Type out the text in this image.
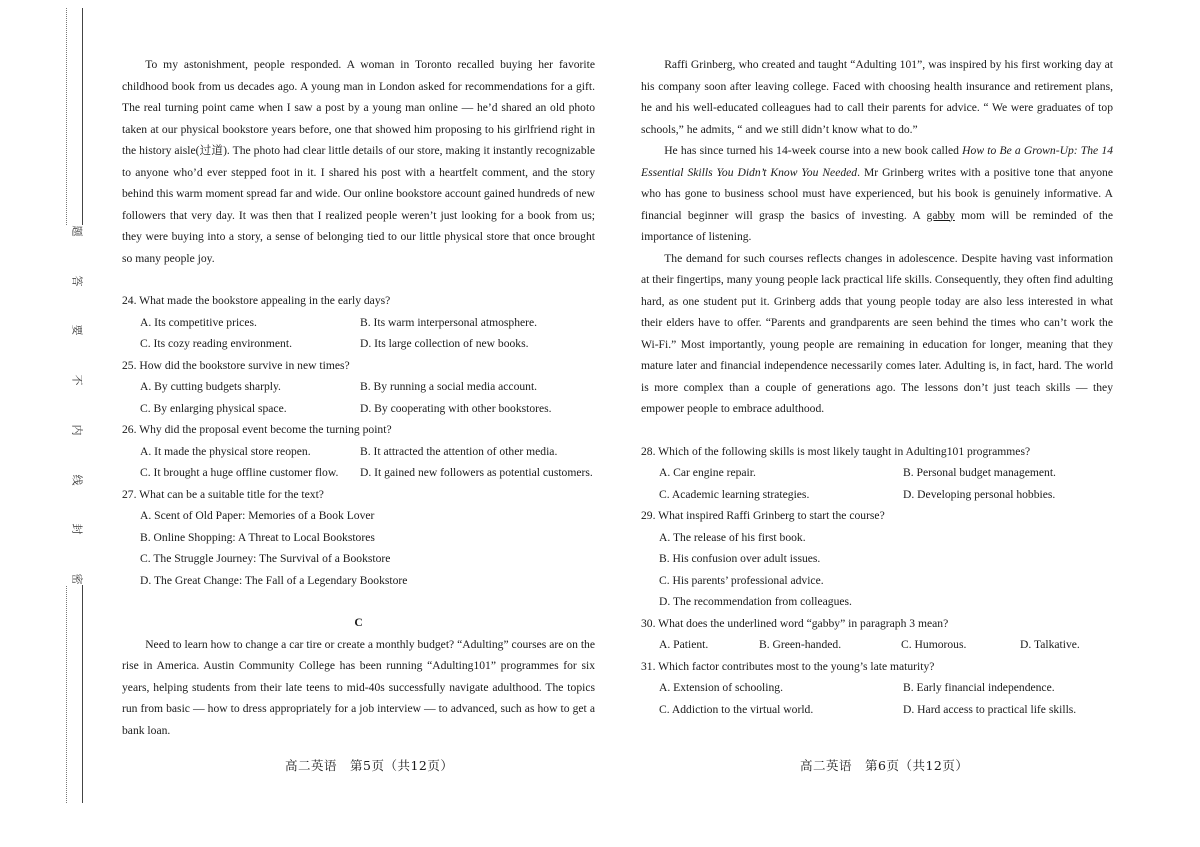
题
答
要
不
内
线
封
密

To my astonishment, people responded. A woman in Toronto recalled buying her favorite childhood book from us decades ago. A young man in London asked for recommendations for a gift. The real turning point came when I saw a post by a young man online — he’d shared an old photo taken at our physical bookstore years before, one that showed him proposing to his girlfriend right in the history aisle(过道). The photo had clear little details of our store, making it instantly recognizable to anyone who’d ever stepped foot in it. I shared his post with a heartfelt comment, and the story behind this warm moment spread far and wide. Our online bookstore account gained hundreds of new followers that very day. It was then that I realized people weren’t just looking for a book from us; they were buying into a story, a sense of belonging tied to our little physical store that once brought so many people joy.

24. What made the bookstore appealing in the early days?

A. Its competitive prices.	B. Its warm interpersonal atmosphere.
C. Its cozy reading environment.	D. Its large collection of new books.

25. How did the bookstore survive in new times?

A. By cutting budgets sharply.	B. By running a social media account.
C. By enlarging physical space.	D. By cooperating with other bookstores.

26. Why did the proposal event become the turning point?

A. It made the physical store reopen.	B. It attracted the attention of other media.
C. It brought a huge offline customer flow.	D. It gained new followers as potential customers.

27. What can be a suitable title for the text?

A. Scent of Old Paper: Memories of a Book Lover
B. Online Shopping: A Threat to Local Bookstores
C. The Struggle Journey: The Survival of a Bookstore
D. The Great Change: The Fall of a Legendary Bookstore

C

Need to learn how to change a car tire or create a monthly budget? “Adulting” courses are on the rise in America. Austin Community College has been running “Adulting101” programmes for six years, helping students from their late teens to mid-40s successfully navigate adulthood. The topics run from basic — how to dress appropriately for a job interview — to advanced, such as how to get a bank loan.

Raffi Grinberg, who created and taught “Adulting 101”, was inspired by his first working day at his company soon after leaving college. Faced with choosing health insurance and retirement plans, he and his well-educated colleagues had to call their parents for advice. “ We were graduates of top schools,” he admits, “ and we still didn’t know what to do.”

He has since turned his 14-week course into a new book called How to Be a Grown-Up: The 14 Essential Skills You Didn’t Know You Needed. Mr Grinberg writes with a positive tone that anyone who has gone to business school must have experienced, but his book is genuinely informative. A financial beginner will grasp the basics of investing. A gabby mom will be reminded of the importance of listening.

The demand for such courses reflects changes in adolescence. Despite having vast information at their fingertips, many young people lack practical life skills. Consequently, they often find adulting hard, as one student put it. Grinberg adds that young people today are also less interested in what their elders have to offer. “Parents and grandparents are seen behind the times who can’t work the Wi-Fi.” Most importantly, young people are remaining in education for longer, meaning that they mature later and financial independence necessarily comes later. Adulting is, in fact, hard. The world is more complex than a couple of generations ago. The lessons don’t just teach skills — they empower people to embrace adulthood.

28. Which of the following skills is most likely taught in Adulting101 programmes?

A. Car engine repair.	B. Personal budget management.
C. Academic learning strategies.	D. Developing personal hobbies.

29. What inspired Raffi Grinberg to start the course?

A. The release of his first book.
B. His confusion over adult issues.
C. His parents’ professional advice.
D. The recommendation from colleagues.

30. What does the underlined word “gabby” in paragraph 3 mean?

A. Patient.	B. Green-handed.	C. Humorous.	D. Talkative.

31. Which factor contributes most to the young’s late maturity?

A. Extension of schooling.	B. Early financial independence.
C. Addiction to the virtual world.	D. Hard access to practical life skills.
高二英语　第5页（共12页）	高二英语　第6页（共12页）
